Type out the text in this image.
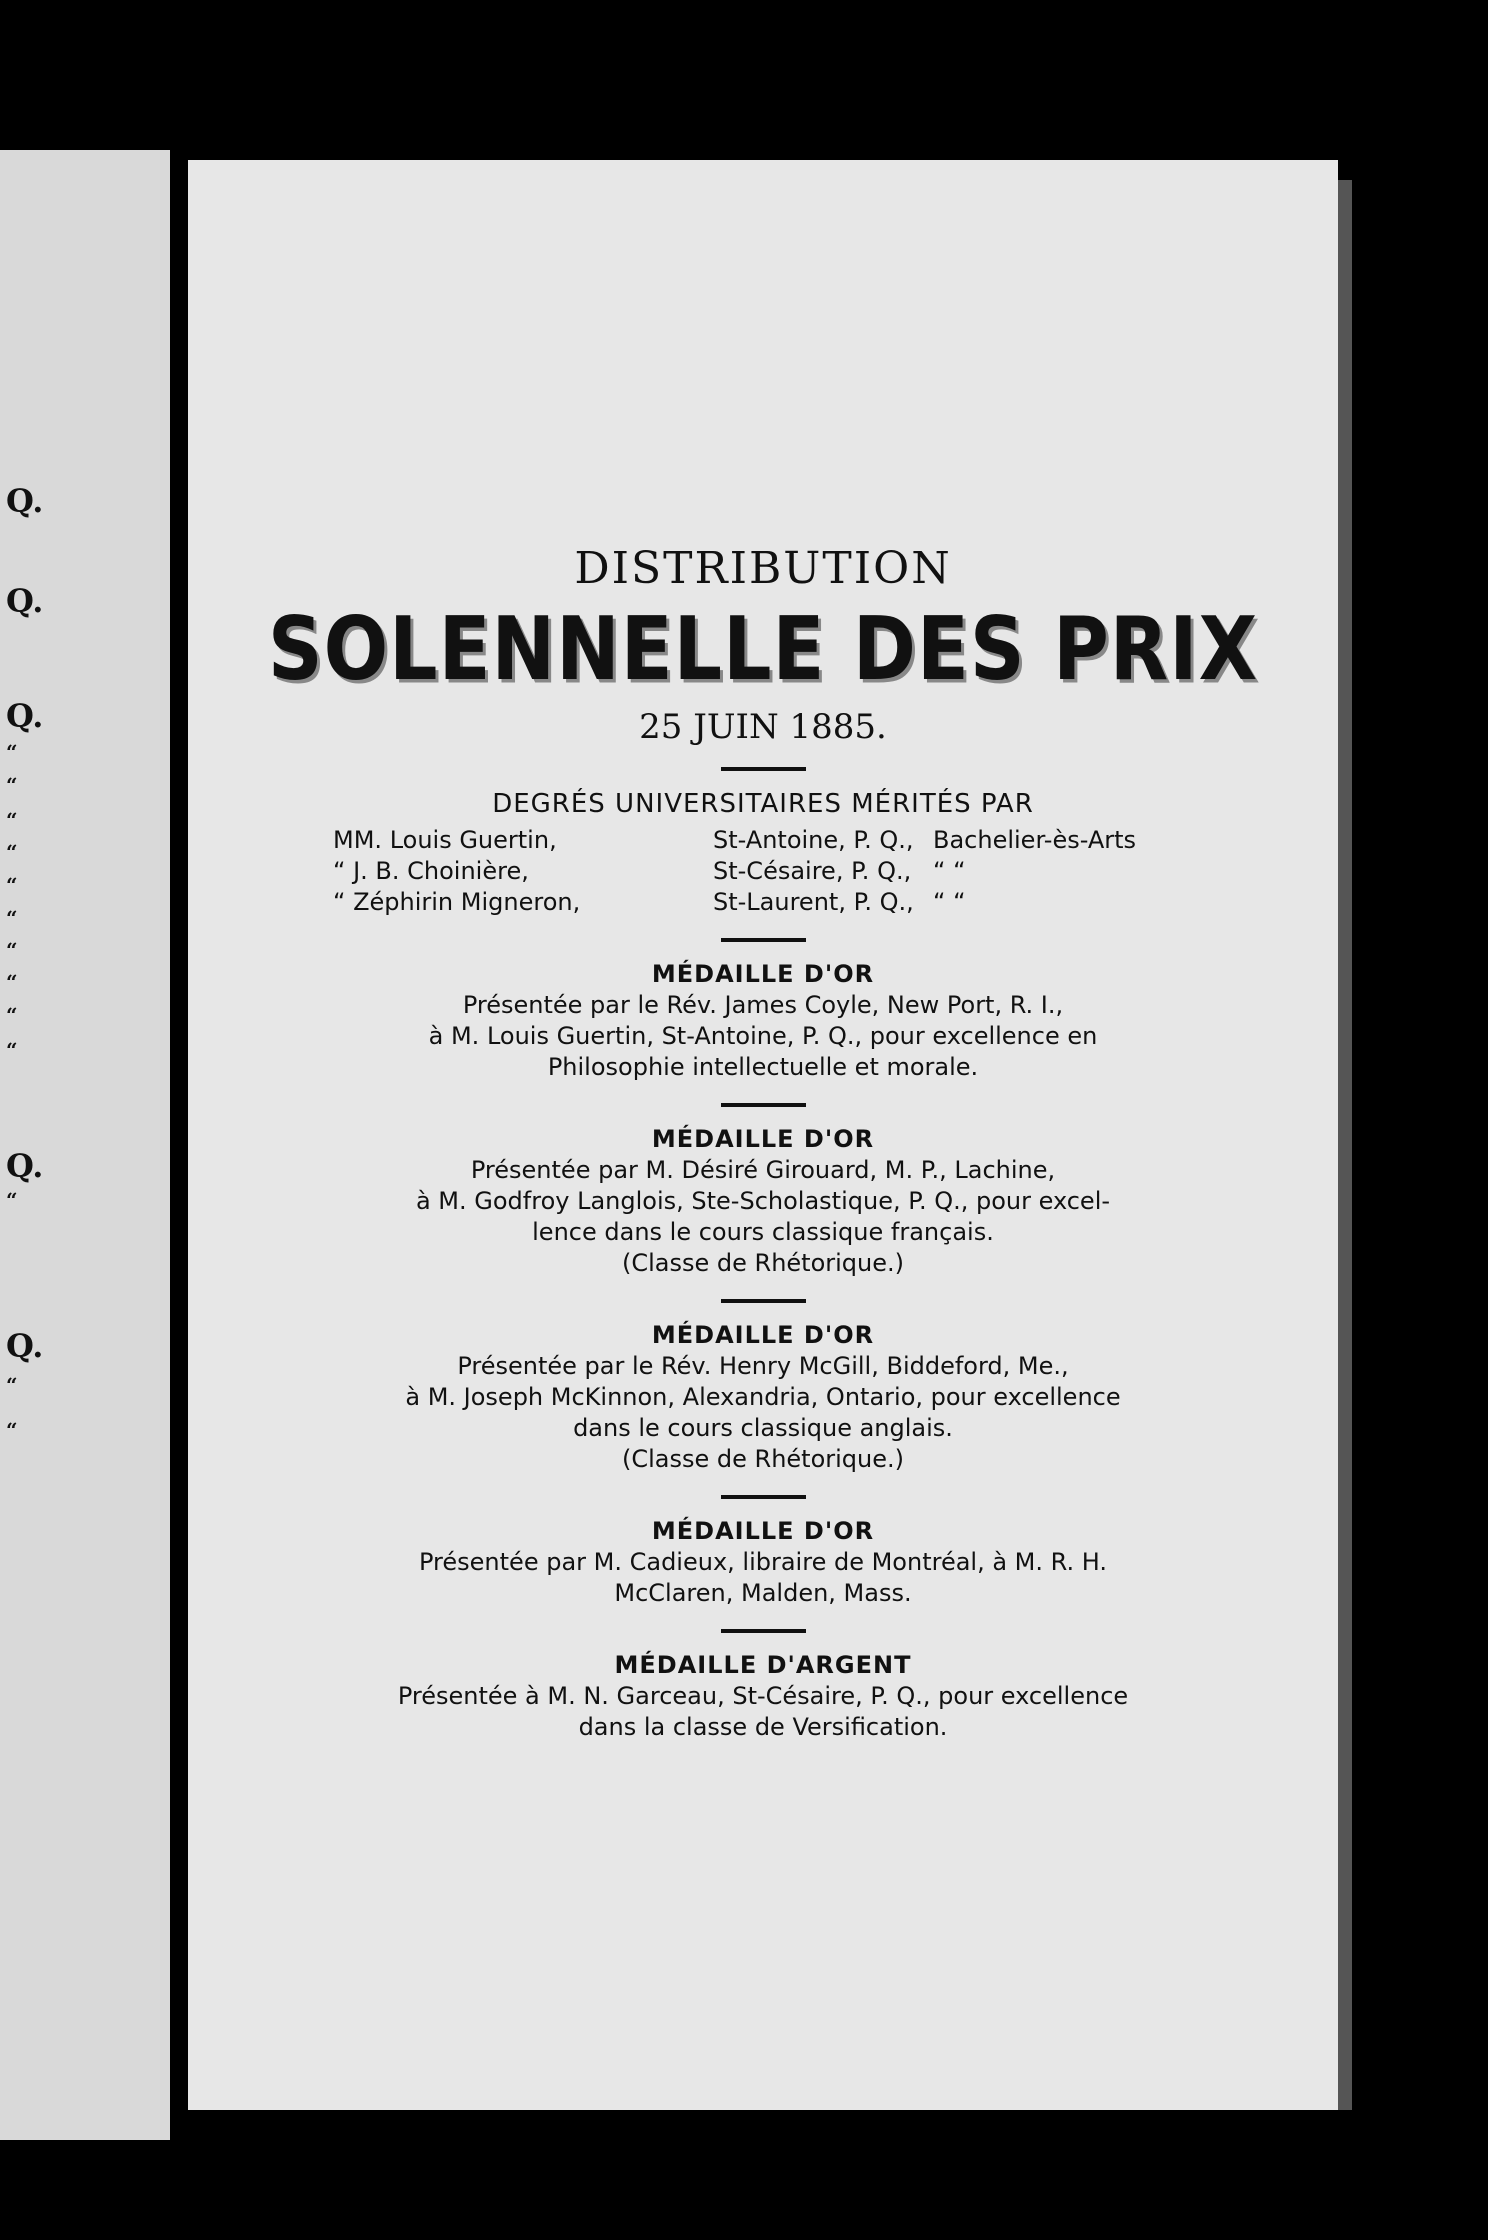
Q.
Q.
Q.
“
“
“
“
“
“
“
“
“
“
Q.
“
Q.
“
“

DISTRIBUTION

SOLENNELLE DES PRIX

25 JUIN 1885.

DEGRÉS UNIVERSITAIRES MÉRITÉS PAR
MM. Louis Guertin,	St-Antoine, P. Q., Bachelier-ès-Arts
“ J. B. Choinière,	St-Césaire, P. Q., “ “
“ Zéphirin Migneron,	St-Laurent, P. Q., “ “
MÉDAILLE D'OR
Présentée par le Rév. James Coyle, New Port, R. I.,
à M. Louis Guertin, St-Antoine, P. Q., pour excellence en
Philosophie intellectuelle et morale.
MÉDAILLE D'OR
Présentée par M. Désiré Girouard, M. P., Lachine,
à M. Godfroy Langlois, Ste-Scholastique, P. Q., pour excel-
lence dans le cours classique français.
(Classe de Rhétorique.)
MÉDAILLE D'OR
Présentée par le Rév. Henry McGill, Biddeford, Me.,
à M. Joseph McKinnon, Alexandria, Ontario, pour excellence
dans le cours classique anglais.
(Classe de Rhétorique.)
MÉDAILLE D'OR
Présentée par M. Cadieux, libraire de Montréal, à M. R. H.
McClaren, Malden, Mass.
MÉDAILLE D'ARGENT
Présentée à M. N. Garceau, St-Césaire, P. Q., pour excellence
dans la classe de Versification.
